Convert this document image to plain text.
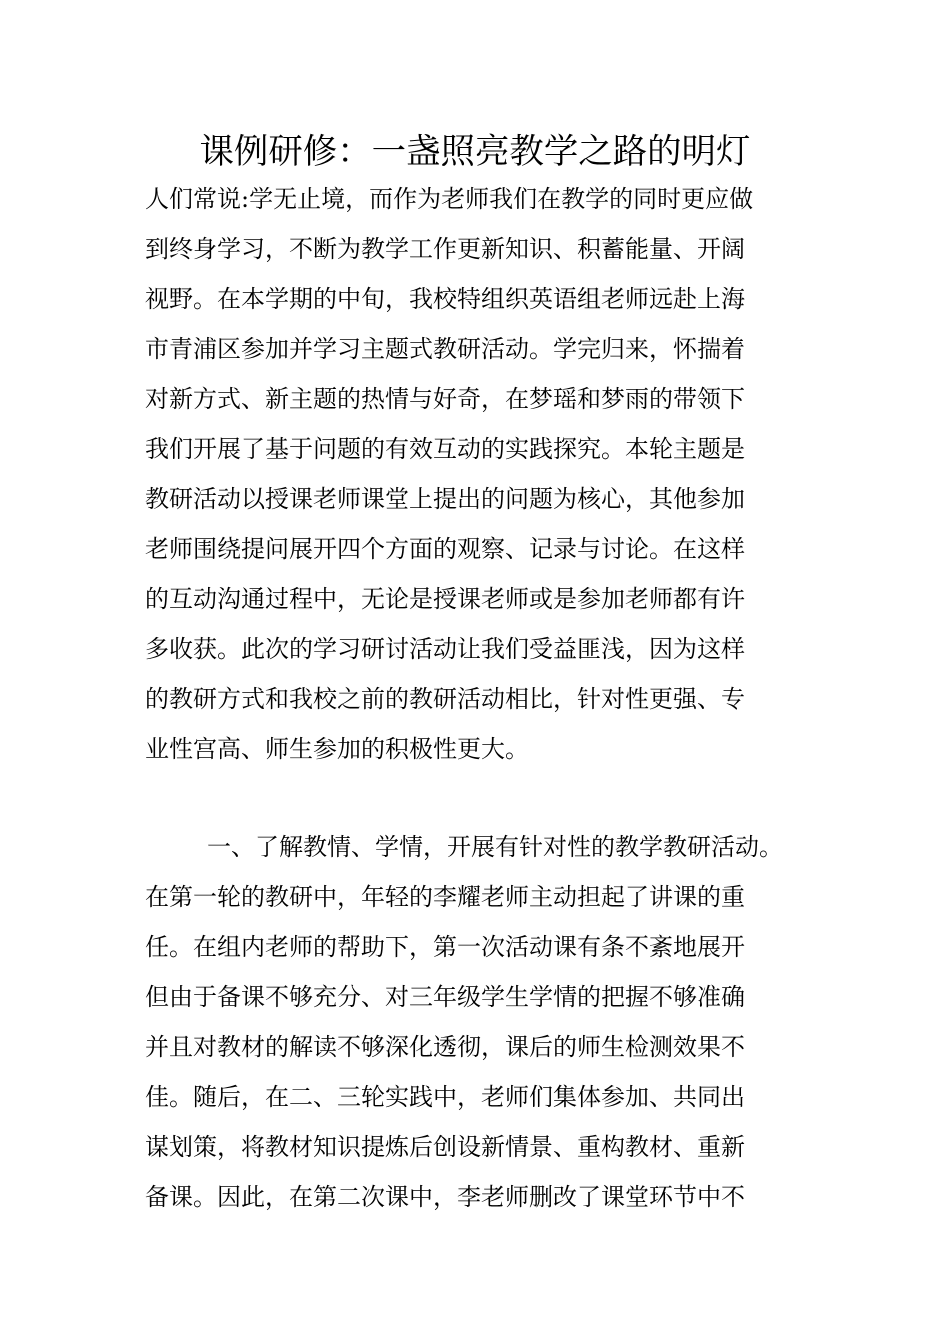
课例研修：一盏照亮教学之路的明灯

人们常说:学无止境，而作为老师我们在教学的同时更应做

到终身学习，不断为教学工作更新知识、积蓄能量、开阔

视野。在本学期的中旬，我校特组织英语组老师远赴上海

市青浦区参加并学习主题式教研活动。学完归来，怀揣着

对新方式、新主题的热情与好奇，在梦瑶和梦雨的带领下

我们开展了基于问题的有效互动的实践探究。本轮主题是

教研活动以授课老师课堂上提出的问题为核心，其他参加

老师围绕提问展开四个方面的观察、记录与讨论。在这样

的互动沟通过程中，无论是授课老师或是参加老师都有许

多收获。此次的学习研讨活动让我们受益匪浅，因为这样

的教研方式和我校之前的教研活动相比，针对性更强、专

业性宫高、师生参加的积极性更大。

一、了解教情、学情，开展有针对性的教学教研活动。

在第一轮的教研中，年轻的李耀老师主动担起了讲课的重

任。在组内老师的帮助下，第一次活动课有条不紊地展开

但由于备课不够充分、对三年级学生学情的把握不够准确

并且对教材的解读不够深化透彻，课后的师生检测效果不

佳。随后，在二、三轮实践中，老师们集体参加、共同出

谋划策，将教材知识提炼后创设新情景、重构教材、重新

备课。因此，在第二次课中，李老师删改了课堂环节中不
